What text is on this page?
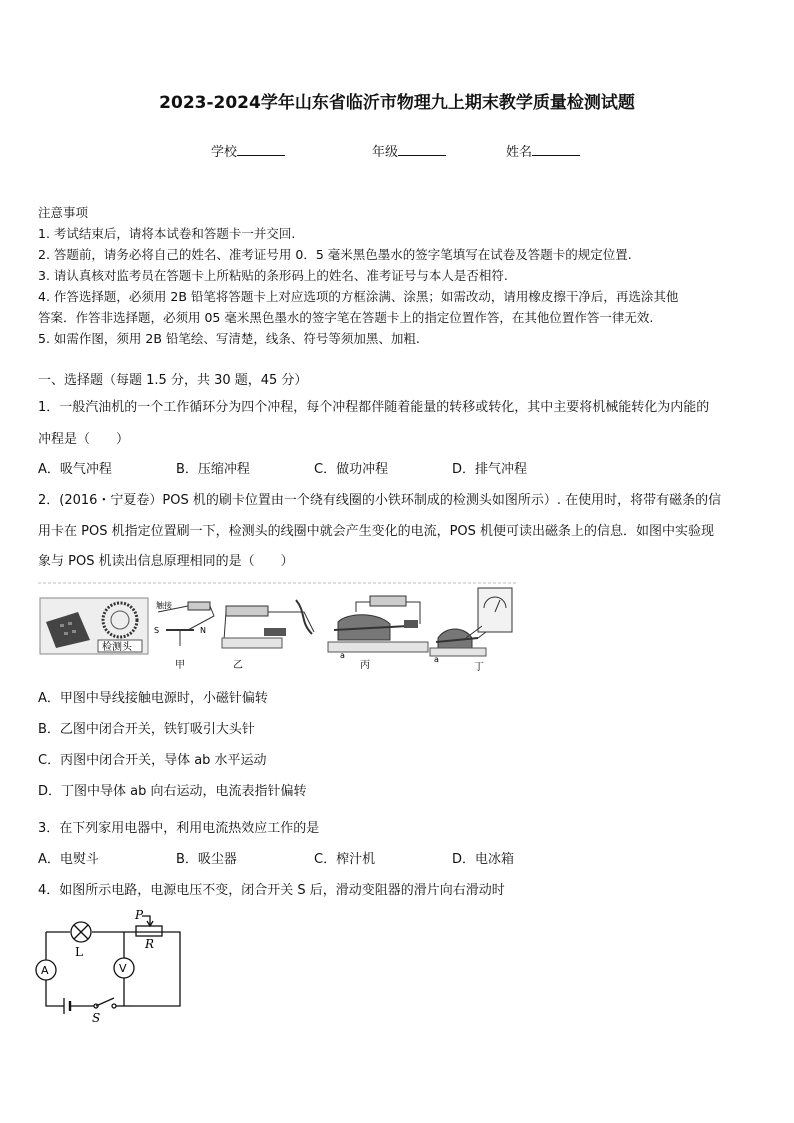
2023-2024学年山东省临沂市物理九上期末教学质量检测试题
学校	年级	姓名
注意事项
1. 考试结束后，请将本试卷和答题卡一并交回.
2. 答题前，请务必将自己的姓名、准考证号用 0．5 毫米黑色墨水的签字笔填写在试卷及答题卡的规定位置.
3. 请认真核对监考员在答题卡上所粘贴的条形码上的姓名、准考证号与本人是否相符.
4. 作答选择题，必须用 2B 铅笔将答题卡上对应选项的方框涂满、涂黑；如需改动，请用橡皮擦干净后，再选涂其他
答案．作答非选择题，必须用 05 毫米黑色墨水的签字笔在答题卡上的指定位置作答，在其他位置作答一律无效.
5. 如需作图，须用 2B 铅笔绘、写清楚，线条、符号等须加黑、加粗.
一、选择题（每题 1.5 分，共 30 题，45 分）
1．一般汽油机的一个工作循环分为四个冲程，每个冲程都伴随着能量的转移或转化，其中主要将机械能转化为内能的
冲程是（　　）
A．吸气冲程	B．压缩冲程	C．做功冲程	D．排气冲程
2．(2016・宁夏卷）POS 机的刷卡位置由一个绕有线圈的小铁环制成的检测头如图所示）. 在使用时，将带有磁条的信
用卡在 POS 机指定位置刷一下，检测头的线圈中就会产生变化的电流，POS 机便可读出磁条上的信息．如图中实验现
象与 POS 机读出信息原理相同的是（　　）
检测头
触接
S	N
甲	乙
a
丙
a
丁
A．甲图中导线接触电源时，小磁针偏转
B．乙图中闭合开关，铁钉吸引大头针
C．丙图中闭合开关，导体 ab 水平运动
D．丁图中导体 ab 向右运动，电流表指针偏转
3．在下列家用电器中，利用电流热效应工作的是
A．电熨斗	B．吸尘器	C．榨汁机	D．电冰箱
4．如图所示电路，电源电压不变，闭合开关 S 后，滑动变阻器的滑片向右滑动时
P
R
L
A	V
S
